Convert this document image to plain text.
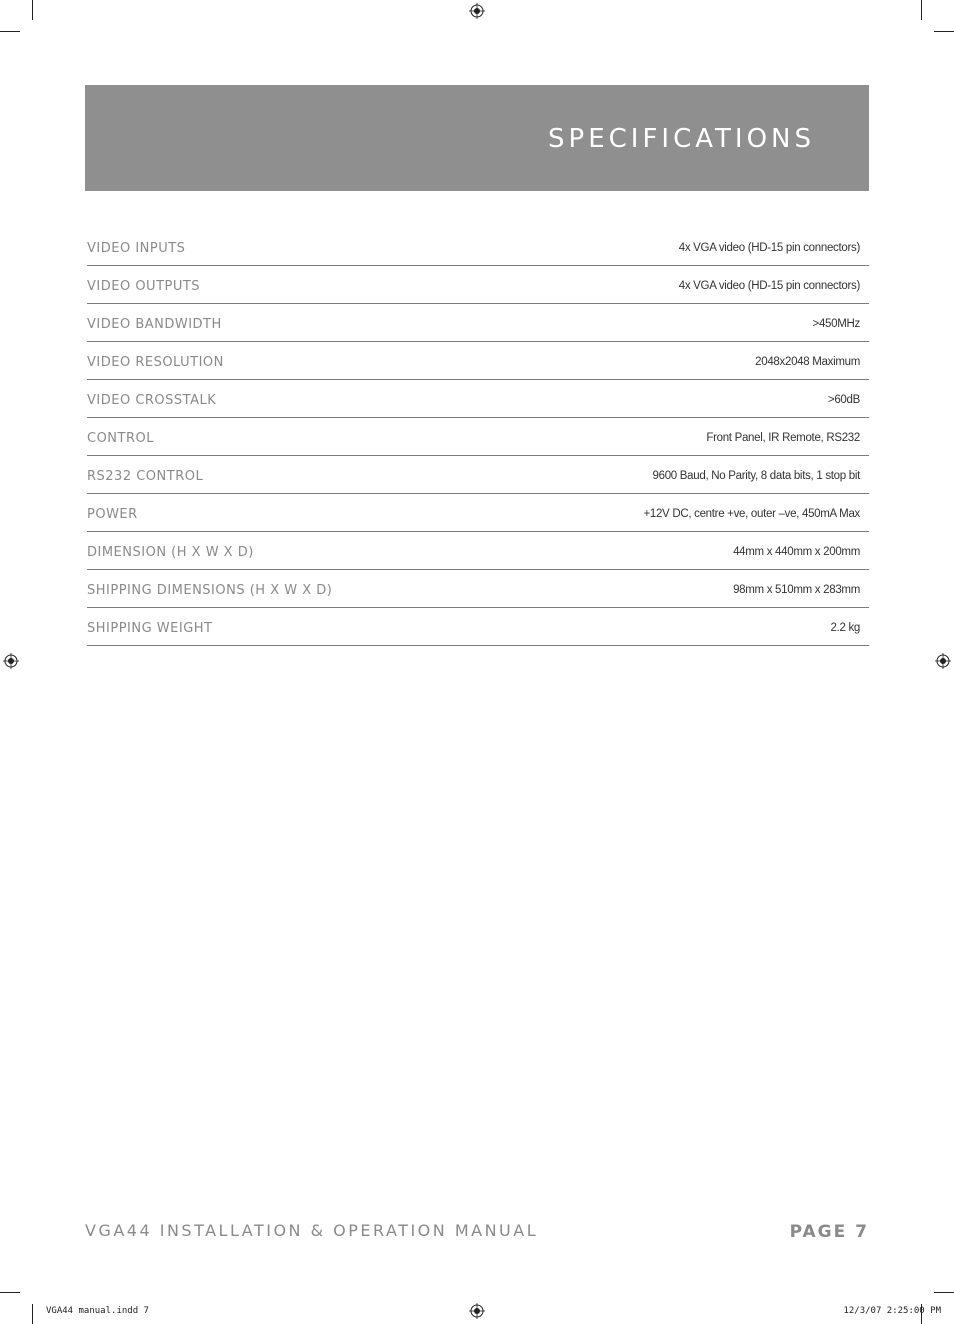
SPECIFICATIONS
VIDEO INPUTS	4x VGA video (HD-15 pin connectors)
VIDEO OUTPUTS	4x VGA video (HD-15 pin connectors)
VIDEO BANDWIDTH	>450MHz
VIDEO RESOLUTION	2048x2048 Maximum
VIDEO CROSSTALK	>60dB
CONTROL	Front Panel, IR Remote, RS232
RS232 CONTROL	9600 Baud, No Parity, 8 data bits, 1 stop bit
POWER	+12V DC, centre +ve, outer –ve, 450mA Max
DIMENSION (H X W X D)	44mm x 440mm x 200mm
SHIPPING DIMENSIONS (H X W X D)	98mm x 510mm x 283mm
SHIPPING WEIGHT	2.2 kg
VGA44 INSTALLATION & OPERATION MANUAL	PAGE 7
VGA44 manual.indd 7	12/3/07 2:25:00 PM
